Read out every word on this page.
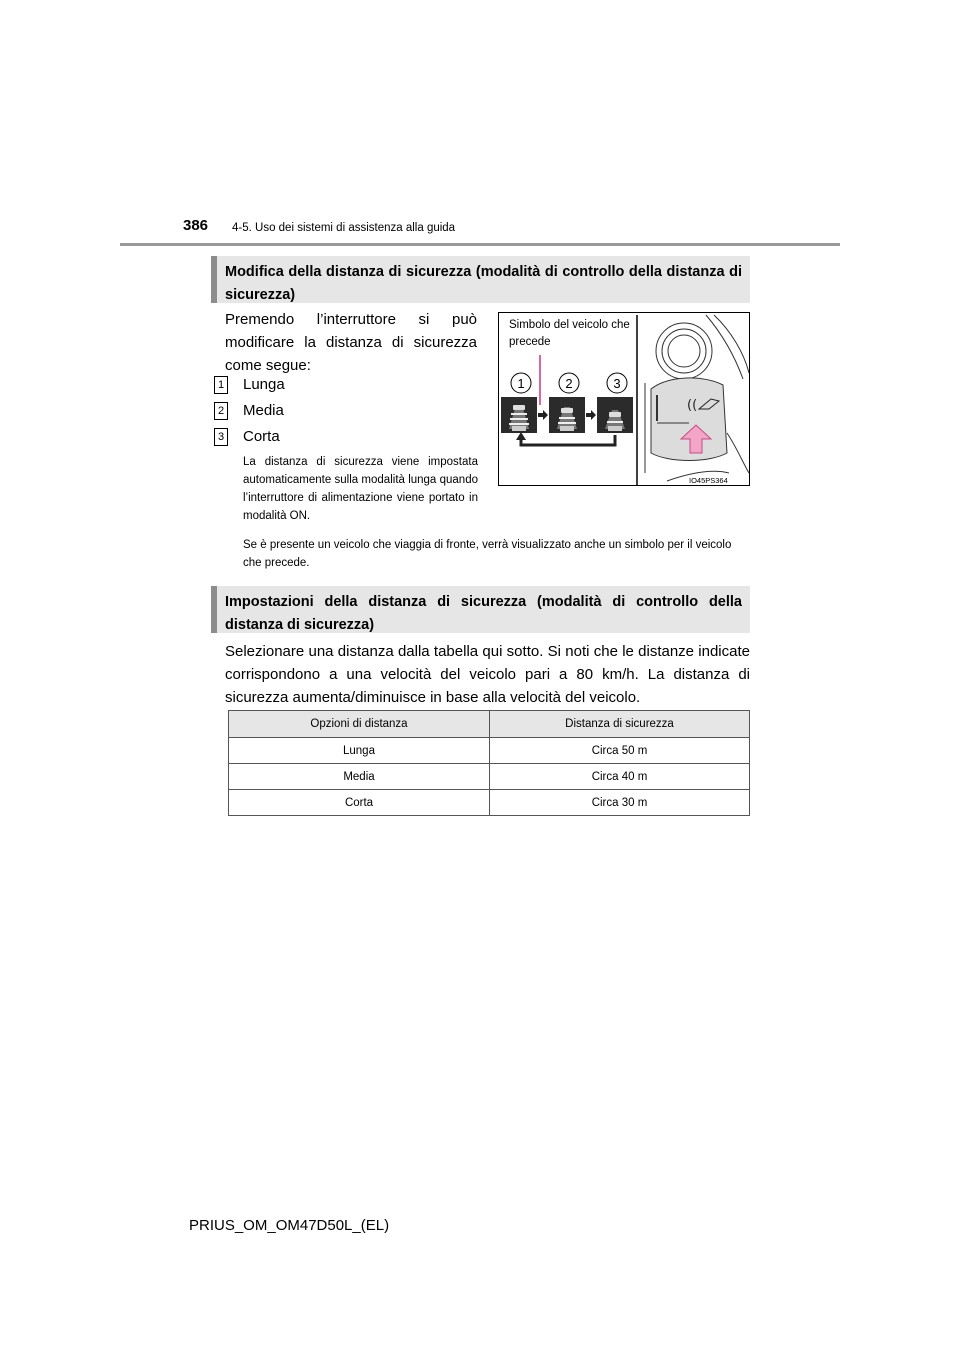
386 4-5. Uso dei sistemi di assistenza alla guida
Modifica della distanza di sicurezza (modalità di controllo della distanza di sicurezza)
Premendo l’interruttore si può modificare la distanza di sicurezza come segue:
1 Lunga
2 Media
3 Corta
La distanza di sicurezza viene impostata automaticamente sulla modalità lunga quando l’interruttore di alimentazione viene portato in modalità ON.
Se è presente un veicolo che viaggia di fronte, verrà visualizzato anche un simbolo per il veicolo che precede.
1	2	3
((
Simbolo del veicolo che precede
IO45PS364
Impostazioni della distanza di sicurezza (modalità di controllo della distanza di sicurezza)
Selezionare una distanza dalla tabella qui sotto. Si noti che le distanze indicate corrispondono a una velocità del veicolo pari a 80 km/h. La distanza di sicurezza aumenta/diminuisce in base alla velocità del veicolo.
Opzioni di distanza	Distanza di sicurezza
Lunga	Circa 50 m
Media	Circa 40 m
Corta	Circa 30 m
PRIUS_OM_OM47D50L_(EL)
